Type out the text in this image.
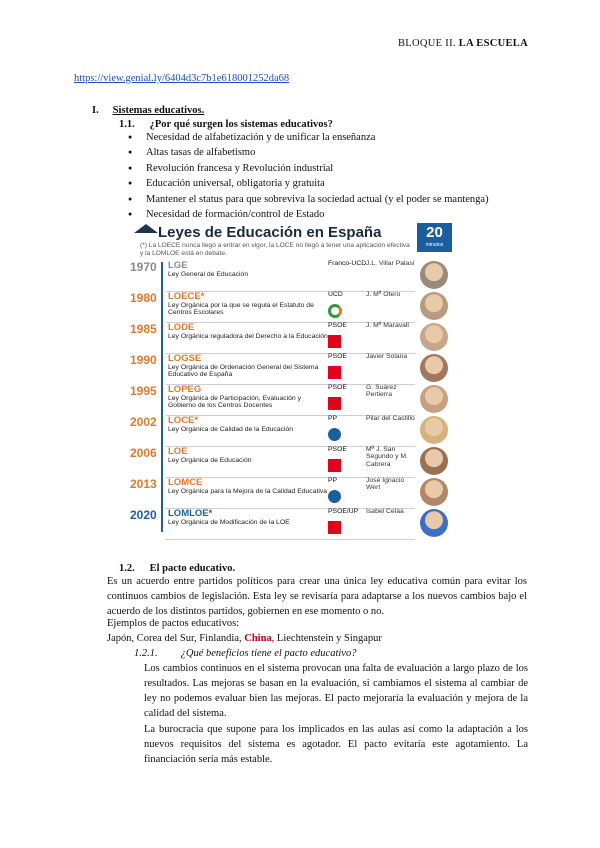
BLOQUE II. LA ESCUELA
https://view.genial.ly/6404d3c7b1e618001252da68
I. Sistemas educativos.
1.1. ¿Por qué surgen los sistemas educativos?
● Necesidad de alfabetización y de unificar la enseñanza
● Altas tasas de alfabetismo
● Revolución francesa y Revolución industrial
● Educación universal, obligatoria y gratuita
● Mantener el status para que sobreviva la sociedad actual (y el poder se mantenga)
● Necesidad de formación/control de Estado
Leyes de Educación en España
(*) La LOECE nunca llegó a entrar en vigor, la LOCE no llegó a tener una aplicación efectiva y la LOMLOE está en debate.
20
minutos
1970 LGE
Ley General de Educación
Franco-UCD J.L. Villar Palasí
1980 LOECE*
Ley Orgánica por la que se regula el Estatuto de Centros Escolares
UCD	J. Mª Otero
1985 LODE
Ley Orgánica reguladora del Derecho a la Educación
PSOE	J. Mª Maravall
1990 LOGSE
Ley Orgánica de Ordenación General del Sistema Educativo de España
PSOE	Javier Solana
1995 LOPEG
Ley Orgánica de Participación, Evaluación y Gobierno de los Centros Docentes
PSOE	G. Suárez Pertierra
2002 LOCE*
Ley Orgánica de Calidad de la Educación
PP	Pilar del Castillo
2006 LOE
Ley Orgánica de Educación
PSOE	Mª J. San Segundo y M. Cabrera
2013 LOMCE
Ley Orgánica para la Mejora de la Calidad Educativa
PP	José Ignacio Wert
2020 LOMLOE*
Ley Orgánica de Modificación de la LOE
PSOE/UP Isabel Celáa
1.2. El pacto educativo.
Es un acuerdo entre partidos políticos para crear una única ley educativa común para evitar los continuos cambios de legislación. Esta ley se revisaría para adaptarse a los nuevos cambios bajo el acuerdo de los distintos partidos, gobiernen en ese momento o no.
Ejemplos de pactos educativos:
Japón, Corea del Sur, Finlandia, China, Liechtenstein y Singapur
1.2.1. ¿Qué beneficios tiene el pacto educativo?
Los cambios continuos en el sistema provocan una falta de evaluación a largo plazo de los resultados. Las mejoras se basan en la evaluación, si cambiamos el sistema al cambiar de ley no podemos evaluar bien las mejoras. El pacto mejoraría la evaluación y mejora de la calidad del sistema.
La burocracia que supone para los implicados en las aulas así como la adaptación a los nuevos requisitos del sistema es agotador. El pacto evitaría este agotamiento. La financiación sería más estable.
